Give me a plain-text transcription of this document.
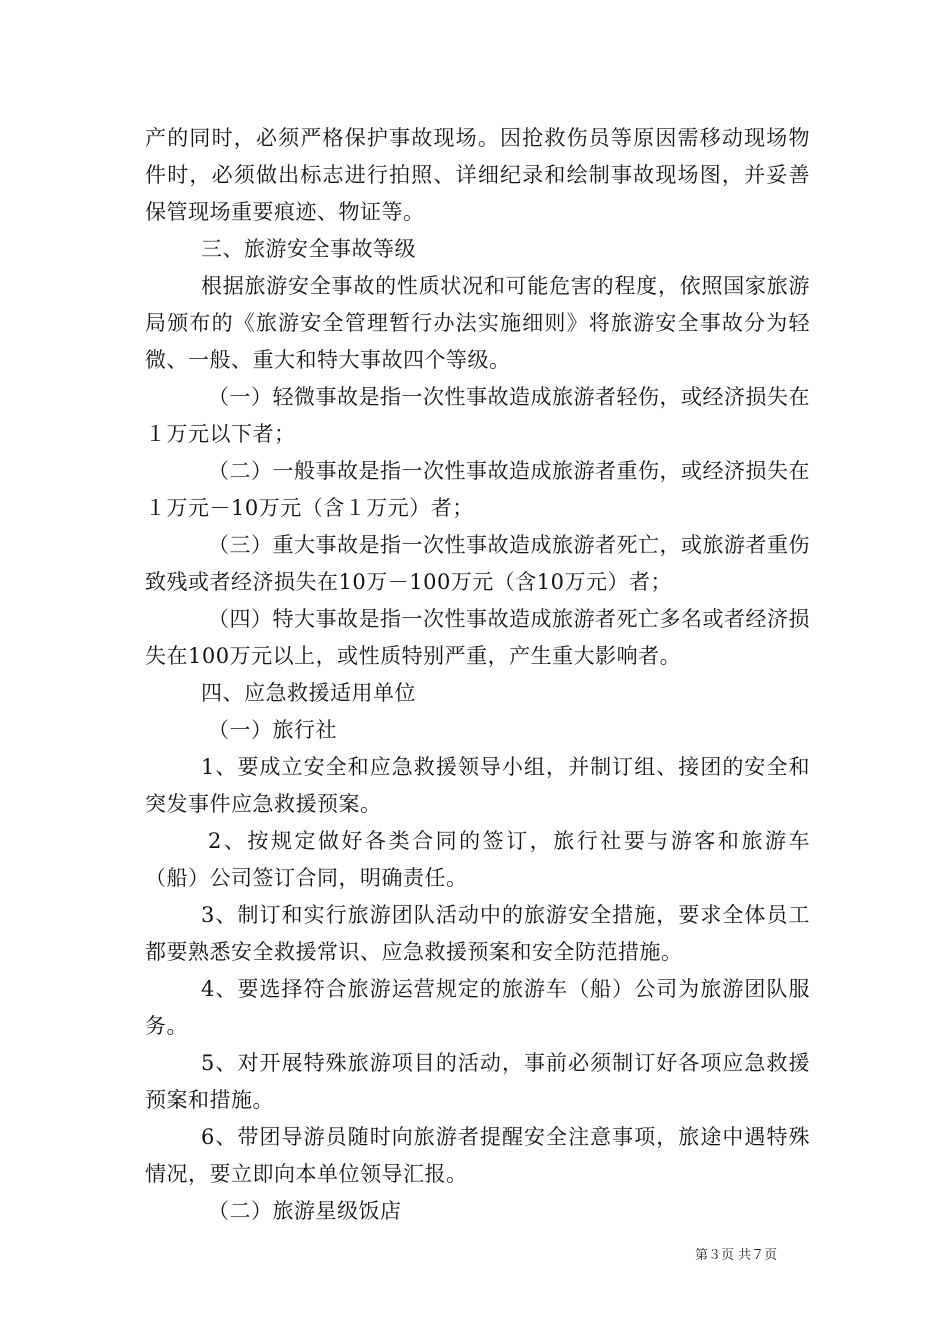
产的同时，必须严格保护事故现场。因抢救伤员等原因需移动现场物件时，必须做出标志进行拍照、详细纪录和绘制事故现场图，并妥善保管现场重要痕迹、物证等。

三、旅游安全事故等级

根据旅游安全事故的性质状况和可能危害的程度，依照国家旅游局颁布的《旅游安全管理暂行办法实施细则》将旅游安全事故分为轻微、一般、重大和特大事故四个等级。

（一）轻微事故是指一次性事故造成旅游者轻伤，或经济损失在１万元以下者；

（二）一般事故是指一次性事故造成旅游者重伤，或经济损失在１万元－10万元（含１万元）者；

（三）重大事故是指一次性事故造成旅游者死亡，或旅游者重伤致残或者经济损失在10万－100万元（含10万元）者；

（四）特大事故是指一次性事故造成旅游者死亡多名或者经济损失在100万元以上，或性质特别严重，产生重大影响者。

四、应急救援适用单位

（一）旅行社

1、要成立安全和应急救援领导小组，并制订组、接团的安全和突发事件应急救援预案。

2、按规定做好各类合同的签订，旅行社要与游客和旅游车（船）公司签订合同，明确责任。

3、制订和实行旅游团队活动中的旅游安全措施，要求全体员工都要熟悉安全救援常识、应急救援预案和安全防范措施。

4、要选择符合旅游运营规定的旅游车（船）公司为旅游团队服务。

5、对开展特殊旅游项目的活动，事前必须制订好各项应急救援预案和措施。

6、带团导游员随时向旅游者提醒安全注意事项，旅途中遇特殊情况，要立即向本单位领导汇报。

（二）旅游星级饭店

第３页 共７页
